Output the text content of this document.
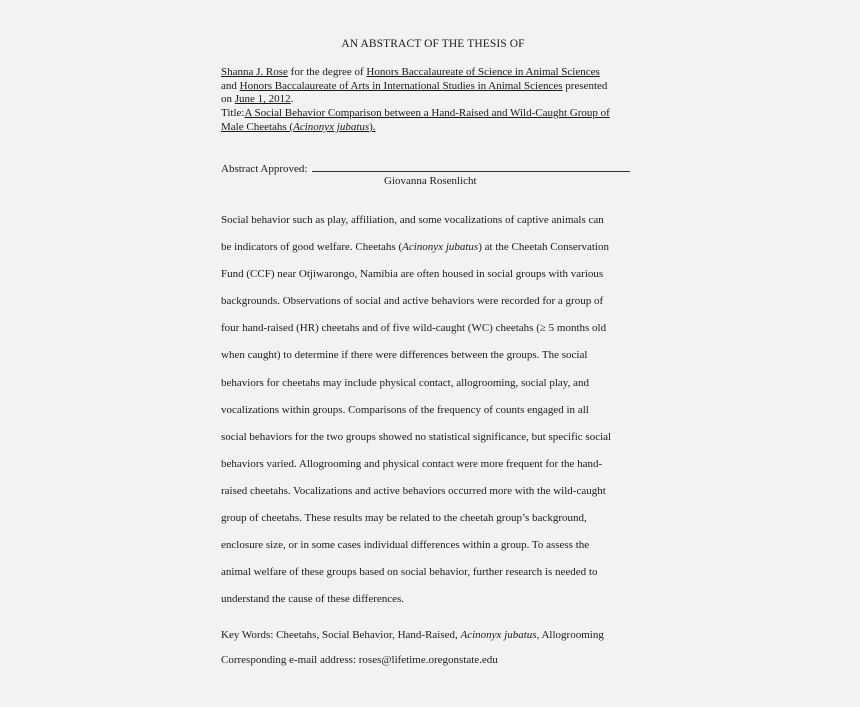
AN ABSTRACT OF THE THESIS OF
Shanna J. Rose for the degree of Honors Baccalaureate of Science in Animal Sciences
and Honors Baccalaureate of Arts in International Studies in Animal Sciences presented
on June 1, 2012.
Title:A Social Behavior Comparison between a Hand-Raised and Wild-Caught Group of
Male Cheetahs (Acinonyx jubatus).
Abstract Approved:
Giovanna Rosenlicht
Social behavior such as play, affiliation, and some vocalizations of captive animals can
be indicators of good welfare. Cheetahs (Acinonyx jubatus) at the Cheetah Conservation
Fund (CCF) near Otjiwarongo, Namibia are often housed in social groups with various
backgrounds. Observations of social and active behaviors were recorded for a group of
four hand-raised (HR) cheetahs and of five wild-caught (WC) cheetahs (≥ 5 months old
when caught) to determine if there were differences between the groups. The social
behaviors for cheetahs may include physical contact, allogrooming, social play, and
vocalizations within groups. Comparisons of the frequency of counts engaged in all
social behaviors for the two groups showed no statistical significance, but specific social
behaviors varied. Allogrooming and physical contact were more frequent for the hand-
raised cheetahs. Vocalizations and active behaviors occurred more with the wild-caught
group of cheetahs. These results may be related to the cheetah group’s background,
enclosure size, or in some cases individual differences within a group. To assess the
animal welfare of these groups based on social behavior, further research is needed to
understand the cause of these differences.
Key Words: Cheetahs, Social Behavior, Hand-Raised, Acinonyx jubatus, Allogrooming
Corresponding e-mail address: roses@lifetime.oregonstate.edu
